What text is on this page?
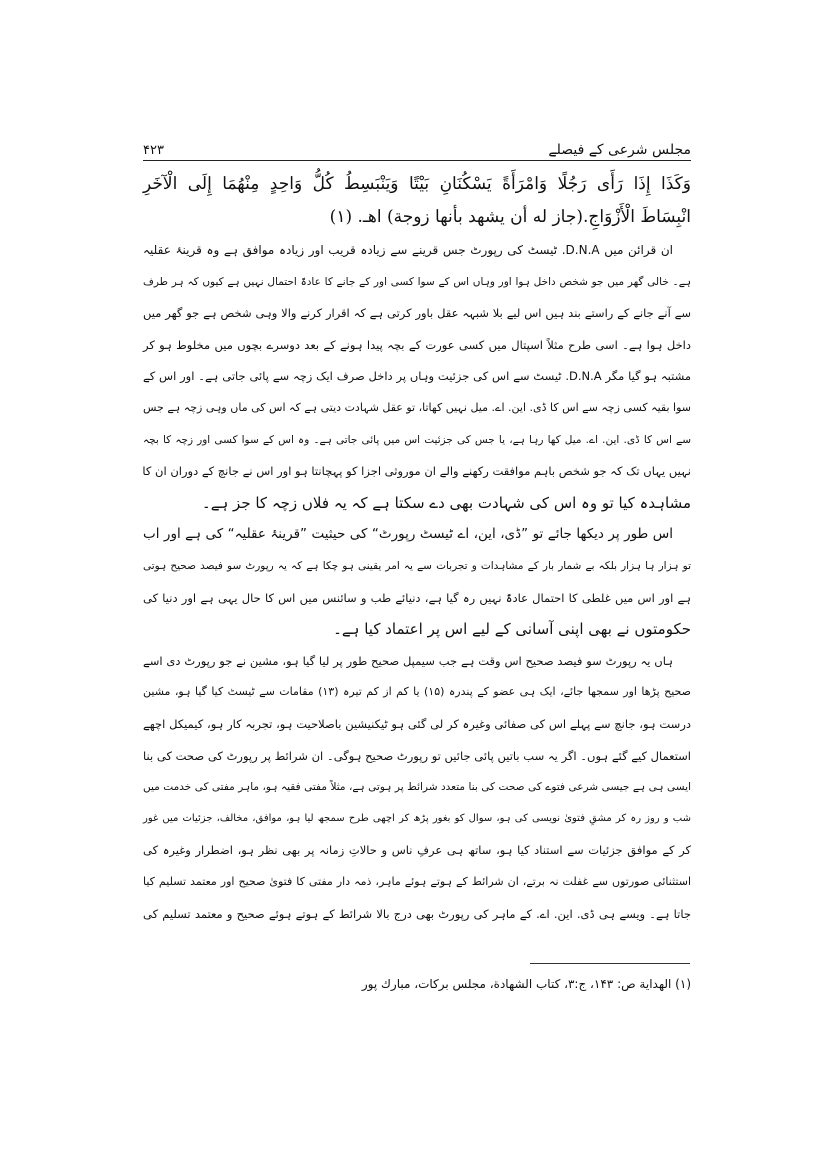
مجلس شرعی کے فیصلے
۴۲۳
وَكَذَا إِذَا رَأَى رَجُلًا وَامْرَأَةً يَسْكُنَانِ بَيْتًا وَيَنْبَسِطُ كُلُّ وَاحِدٍ مِنْهُمَا إِلَى الْآخَرِ
انْبِسَاطَ الْأَزْوَاجِ.(جاز له أن يشهد بأنها زوجة) اهـ. (۱)
ان قرائن میں D.N.A. ٹیسٹ کی رپورٹ جس قرینے سے زیادہ قریب اور زیادہ موافق ہے وہ قرینۂ عقلیہ
ہے۔ خالی گھر میں جو شخص داخل ہوا اور وہاں اس کے سوا کسی اور کے جانے کا عادۃً احتمال نہیں ہے کیوں کہ ہر طرف
سے آنے جانے کے راستے بند ہیں اس لیے بلا شبہہ عقل باور کرتی ہے کہ اقرار کرنے والا وہی شخص ہے جو گھر میں
داخل ہوا ہے۔ اسی طرح مثلاً اسپتال میں کسی عورت کے بچہ پیدا ہونے کے بعد دوسرے بچوں میں مخلوط ہو کر
مشتبہ ہو گیا مگر D.N.A. ٹیسٹ سے اس کی جزئیت وہاں پر داخل صرف ایک زچہ سے پائی جاتی ہے۔ اور اس کے
سوا بقیہ کسی زچہ سے اس کا ڈی. این. اے. میل نہیں کھاتا، تو عقل شہادت دیتی ہے کہ اس کی ماں وہی زچہ ہے جس
سے اس کا ڈی. این. اے. میل کھا رہا ہے، یا جس کی جزئیت اس میں پائی جاتی ہے۔ وہ اس کے سوا کسی اور زچہ کا بچہ
نہیں یہاں تک کہ جو شخص باہم موافقت رکھنے والے ان موروثی اجزا کو پہچانتا ہو اور اس نے جانچ کے دوران ان کا
مشاہدہ کیا تو وہ اس کی شہادت بھی دے سکتا ہے کہ یہ فلاں زچہ کا جز ہے۔
اس طور پر دیکھا جائے تو ”ڈی، این، اے ٹیسٹ رپورٹ“ کی حیثیت ”قرینۂ عقلیہ“ کی ہے اور اب
تو ہزار ہا ہزار بلکہ بے شمار بار کے مشاہدات و تجربات سے یہ امر یقینی ہو چکا ہے کہ یہ رپورٹ سو فیصد صحیح ہوتی
ہے اور اس میں غلطی کا احتمال عادۃً نہیں رہ گیا ہے، دنیائے طب و سائنس میں اس کا حال یہی ہے اور دنیا کی
حکومتوں نے بھی اپنی آسانی کے لیے اس پر اعتماد کیا ہے۔
ہاں یہ رپورٹ سو فیصد صحیح اس وقت ہے جب سیمپل صحیح طور پر لیا گیا ہو، مشین نے جو رپورٹ دی اسے
صحیح پڑھا اور سمجھا جائے، ایک ہی عضو کے پندرہ (۱۵) یا کم از کم تیرہ (۱۳) مقامات سے ٹیسٹ کیا گیا ہو، مشین
درست ہو، جانچ سے پہلے اس کی صفائی وغیرہ کر لی گئی ہو ٹیکنیشین باصلاحیت ہو، تجربہ کار ہو، کیمیکل اچھے
استعمال کیے گئے ہوں۔ اگر یہ سب باتیں پائی جائیں تو رپورٹ صحیح ہوگی۔ ان شرائط پر رپورٹ کی صحت کی بنا
ایسی ہی ہے جیسی شرعی فتوے کی صحت کی بنا متعدد شرائط پر ہوتی ہے، مثلاً مفتی فقیہ ہو، ماہر مفتی کی خدمت میں
شب و روز رہ کر مشقِ فتویٰ نویسی کی ہو، سوال کو بغور پڑھ کر اچھی طرح سمجھ لیا ہو، موافق، مخالف، جزئیات میں غور
کر کے موافق جزئیات سے استناد کیا ہو، ساتھ ہی عرفِ ناس و حالاتِ زمانہ پر بھی نظر ہو، اضطرار وغیرہ کی
استثنائی صورتوں سے غفلت نہ برتے، ان شرائط کے ہوتے ہوئے ماہر، ذمہ دار مفتی کا فتویٰ صحیح اور معتمد تسلیم کیا
جاتا ہے۔ ویسے ہی ڈی. این. اے. کے ماہر کی رپورٹ بھی درج بالا شرائط کے ہوتے ہوئے صحیح و معتمد تسلیم کی
(۱) الهداية ص: ۱۴۳، ج:۳، كتاب الشهادة، مجلس بركات، مبارك پور
